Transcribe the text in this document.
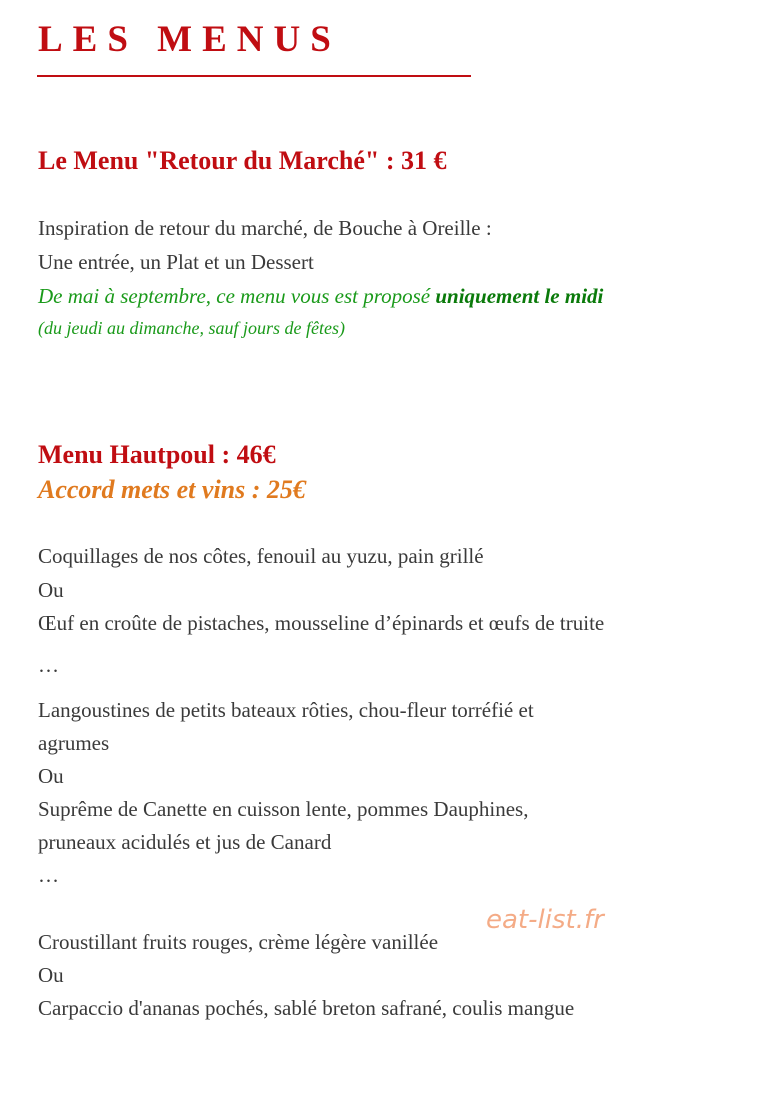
LES MENUS
Le Menu "Retour du Marché" : 31 €
Inspiration de retour du marché, de Bouche à Oreille :
Une entrée, un Plat et un Dessert
De mai à septembre, ce menu vous est proposé uniquement le midi
(du jeudi au dimanche, sauf jours de fêtes)
Menu Hautpoul : 46€
Accord mets et vins : 25€
Coquillages de nos côtes, fenouil au yuzu, pain grillé
Ou
Œuf en croûte de pistaches, mousseline d’épinards et œufs de truite
…
Langoustines de petits bateaux rôties, chou-fleur torréfié et
agrumes
Ou
Suprême de Canette en cuisson lente, pommes Dauphines,
pruneaux acidulés et jus de Canard
…
Croustillant fruits rouges, crème légère vanillée
Ou
Carpaccio d'ananas pochés, sablé breton safrané, coulis mangue
eat-list.fr
